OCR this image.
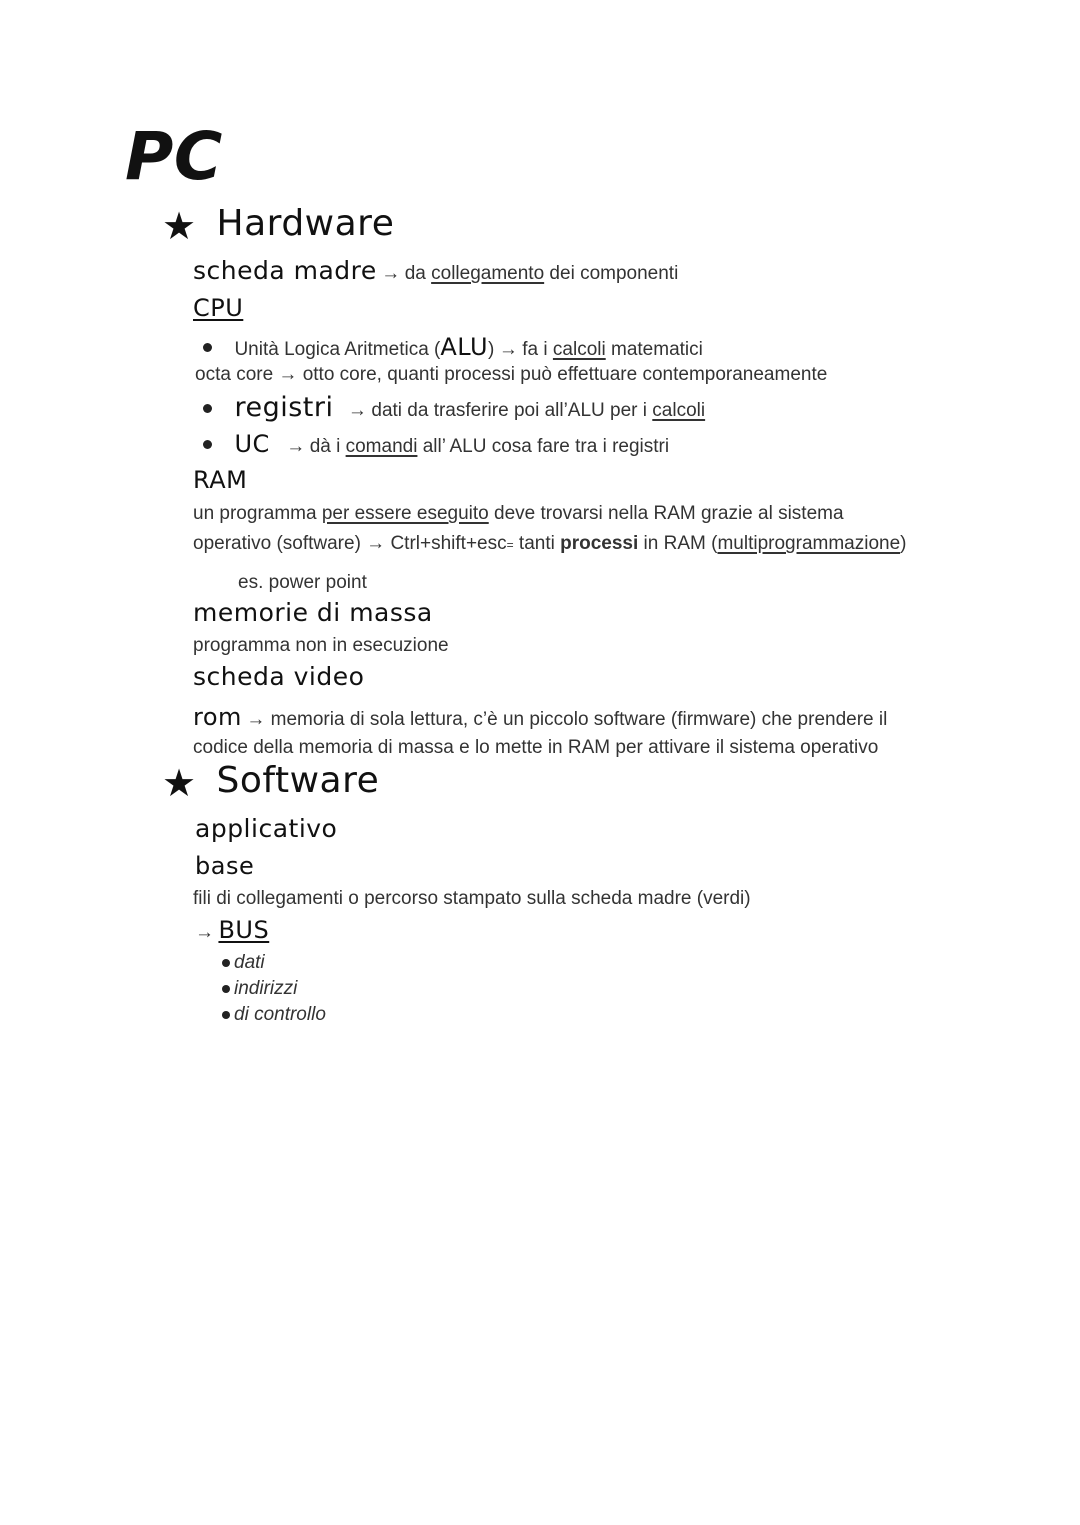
PC
★ Hardware
scheda madre → da collegamento dei componenti
CPU
Unità Logica Aritmetica (ALU) → fa i calcoli matematici
octa core → otto core, quanti processi può effettuare contemporaneamente
registri → dati da trasferire poi all’ALU per i calcoli
UC → dà i comandi all’ ALU cosa fare tra i registri
RAM
un programma per essere eseguito deve trovarsi nella RAM grazie al sistema
operativo (software) → Ctrl+shift+esc= tanti processi in RAM (multiprogrammazione)
es. power point
memorie di massa
programma non in esecuzione
scheda video
rom → memoria di sola lettura, c’è un piccolo software (firmware) che prendere il
codice della memoria di massa e lo mette in RAM per attivare il sistema operativo
★ Software
applicativo
base
fili di collegamenti o percorso stampato sulla scheda madre (verdi)
→ BUS
dati
indirizzi
di controllo
